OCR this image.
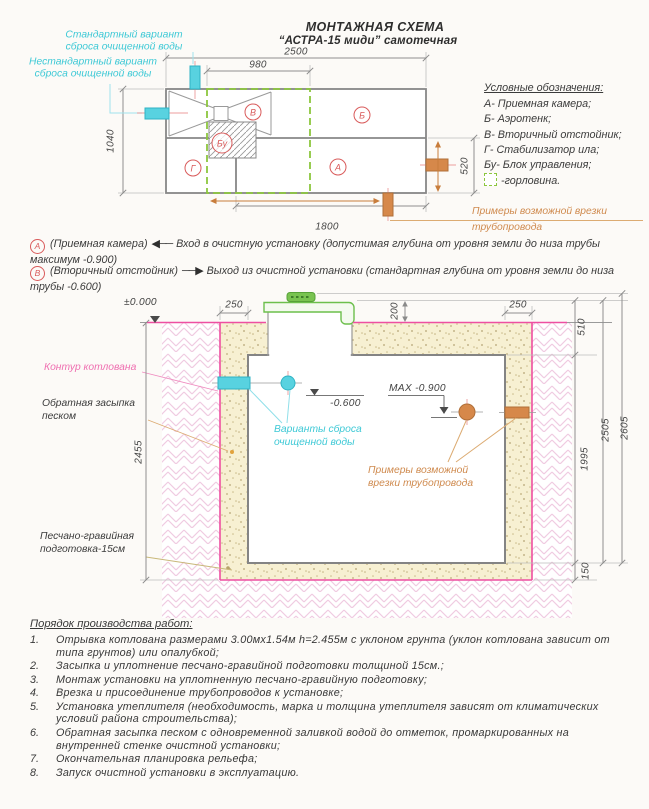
МОНТАЖНАЯ СХЕМА
“АСТРА-15 миди” самотечная
Стандартный вариант
сброса очищенной воды
Нестандартный вариант
сброса очищенной воды
2500
980
1040
1800
520
В	Б
А
Г
Бу
Условные обозначения:
А- Приемная камера;
Б- Аэротенк;
В- Вторичный отстойник;
Г- Стабилизатор ила;
Бу- Блок управления;
-горловина.
Примеры возможной врезки
трубопровода
А (Приемная камера) ◀── Вход в очистную установку (допустимая глубина от уровня земли до низа трубы максимум -0.900)
В (Вторичный отстойник) ──▶ Выход из очистной установки (стандартная глубина от уровня земли до низа трубы -0.600)
±0.000
-0.600
MAX -0.900
250	200	250
510
1995
150
2505 2605
2455
Контур котлована
Обратная засыпка
песком
Песчано-гравийная
подготовка-15см
Варианты сброса
очищенной воды
Примеры возможной
врезки трубопровода
Порядок производства работ:
1.	Отрывка котлована размерами 3.00мх1.54м h=2.455м с уклоном грунта (уклон котлована зависит от типа грунтов) или опалубкой;
2.	Засыпка и уплотнение песчано-гравийной подготовки толщиной 15см.;
3.	Монтаж установки на уплотненную песчано-гравийную подготовку;
4.	Врезка и присоединение трубопроводов к установке;
5.	Установка утеплителя (необходимость, марка и толщина утеплителя зависят от климатических условий района строительства);
6.	Обратная засыпка песком с одновременной заливкой водой до отметок, промаркированных на внутренней стенке очистной установки;
7.	Окончательная планировка рельефа;
8.	Запуск очистной установки в эксплуатацию.
